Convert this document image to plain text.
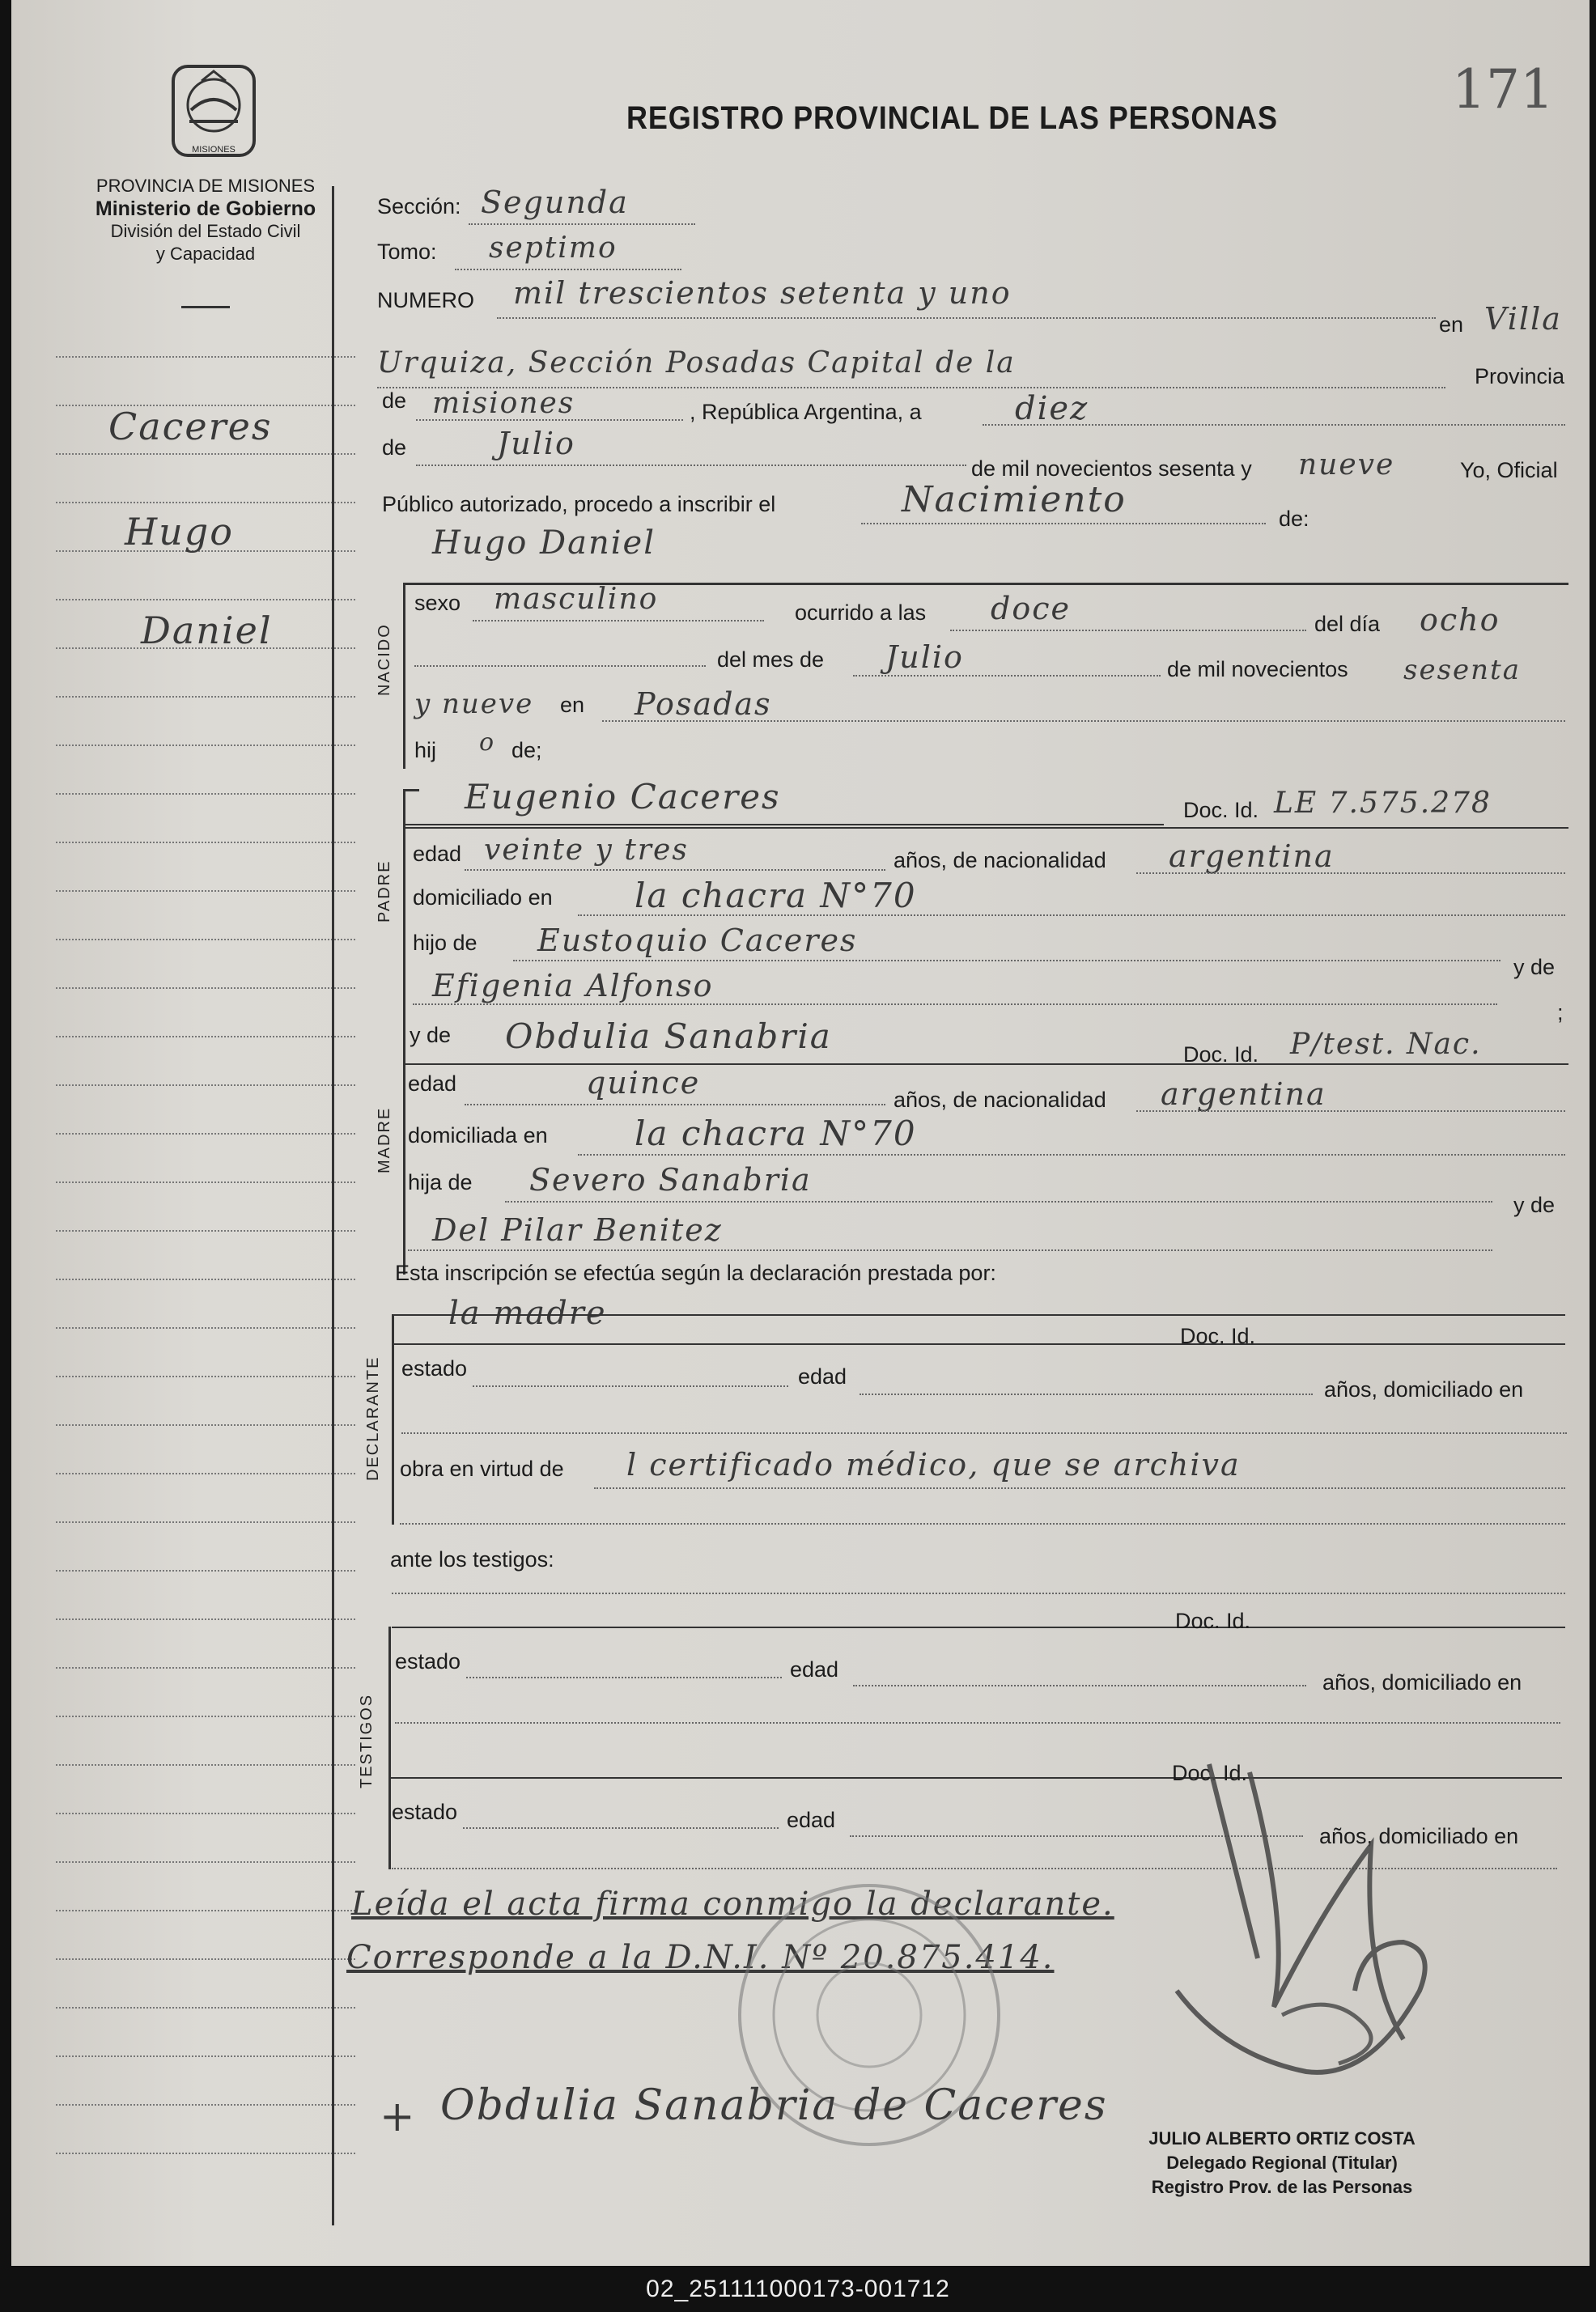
171
MISIONES
PROVINCIA DE MISIONES
Ministerio de Gobierno
División del Estado Civil
y Capacidad
REGISTRO PROVINCIAL DE LAS PERSONAS
Caceres
Hugo
Daniel
Sección: Segunda
Tomo: septimo
NUMERO mil trescientos setenta y uno
en Villa
Urquiza, Sección Posadas Capital de la	Provincia
de misiones	, República Argentina, a	diez
de	Julio
de mil novecientos sesenta y nueve	Yo, Oficial
Público autorizado, procedo a inscribir el	Nacimiento	de:
Hugo Daniel
NACIDO
sexo masculino	ocurrido a las doce	del día ocho
del mes de Julio	de mil novecientos sesenta
y nueve en Posadas
hij o de;
PADRE
Eugenio Caceres	Doc. Id. LE 7.575.278
edad veinte y tres	años, de nacionalidad argentina
domiciliado en la chacra N°70
hijo de Eustoquio Caceres
Efigenia Alfonso
y de
;
MADRE
y de Obdulia Sanabria	Doc. Id. P/test. Nac.
edad	quince	años, de nacionalidad argentina
domiciliada en	la chacra N°70
hija de Severo Sanabria
Del Pilar Benitez
y de
Esta inscripción se efectúa según la declaración prestada por:
la madre
Doc. Id.
DECLARANTE estado	edad
años, domiciliado en
obra en virtud de l certificado médico, que se archiva
ante los testigos:
Doc. Id.
TESTIGOS
estado	edad
años, domiciliado en
Doc. Id.
estado	edad
años, domiciliado en
Leída el acta firma conmigo la declarante.
Corresponde a la D.N.I. Nº 20.875.414.
+ Obdulia Sanabria de Caceres
JULIO ALBERTO ORTIZ COSTA
Delegado Regional (Titular)
Registro Prov. de las Personas
02_251111000173-001712
